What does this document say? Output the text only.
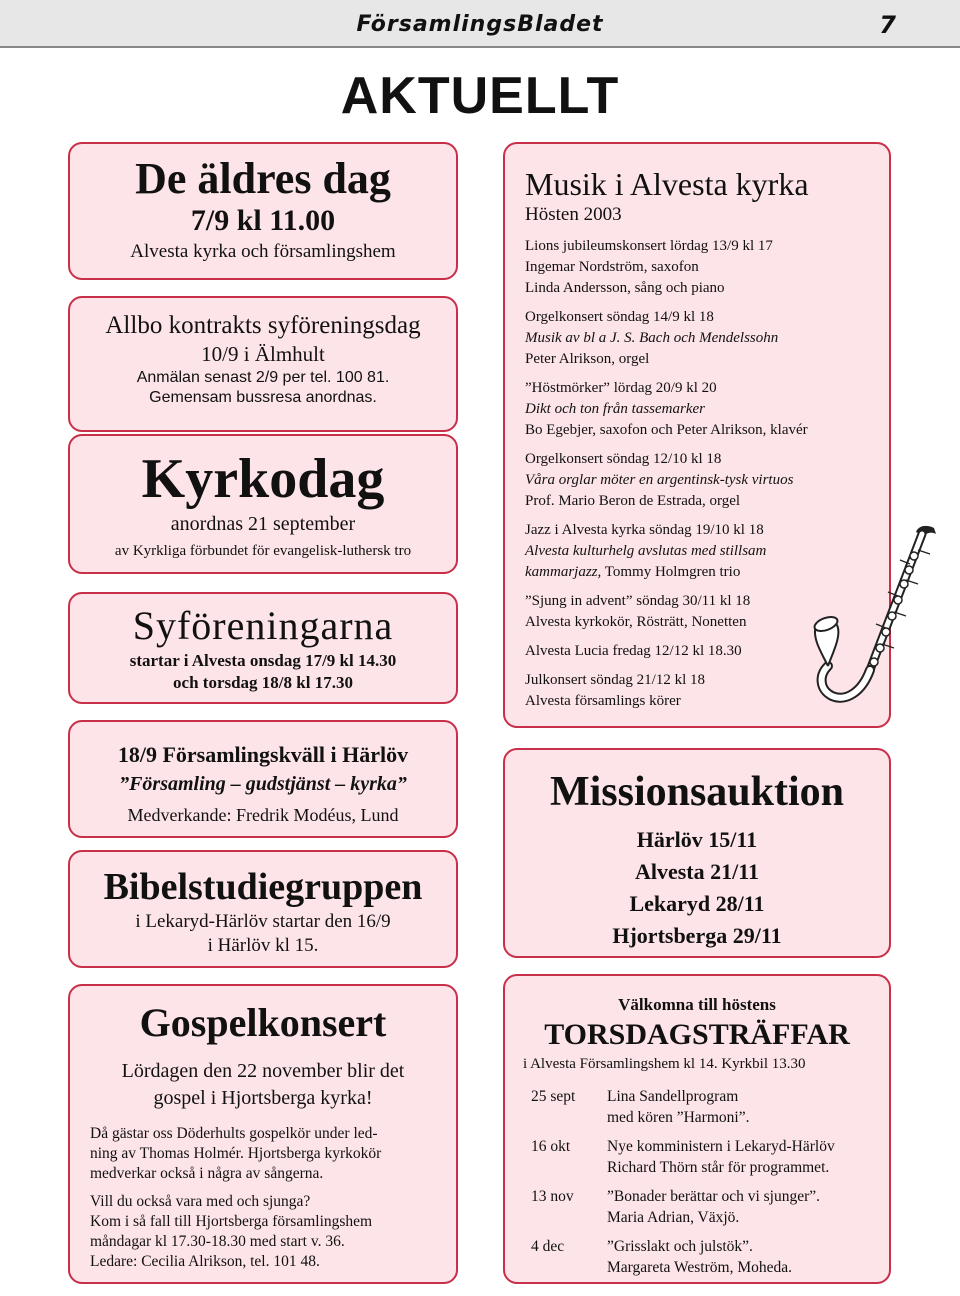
FörsamlingsBladet	7
AKTUELLT

De äldres dag

7/9 kl 11.00

Alvesta kyrka och församlingshem

Allbo kontrakts syföreningsdag

10/9 i Älmhult

Anmälan senast 2/9 per tel. 100 81.

Gemensam bussresa anordnas.

Kyrkodag

anordnas 21 september

av Kyrkliga förbundet för evangelisk-luthersk tro

Syföreningarna

startar i Alvesta onsdag 17/9 kl 14.30

och torsdag 18/8 kl 17.30

18/9 Församlingskväll i Härlöv

”Församling – gudstjänst – kyrka”

Medverkande: Fredrik Modéus, Lund

Bibelstudiegruppen

i Lekaryd-Härlöv startar den 16/9

i Härlöv kl 15.

Gospelkonsert

Lördagen den 22 november blir det

gospel i Hjortsberga kyrka!

Då gästar oss Döderhults gospelkör under led-

ning av Thomas Holmér. Hjortsberga kyrkokör

medverkar också i några av sångerna.

Vill du också vara med och sjunga?

Kom i så fall till Hjortsberga församlingshem

måndagar kl 17.30-18.30 med start v. 36.

Ledare: Cecilia Alrikson, tel. 101 48.

Musik i Alvesta kyrka

Hösten 2003

Lions jubileumskonsert lördag 13/9 kl 17

Ingemar Nordström, saxofon

Linda Andersson, sång och piano

Orgelkonsert söndag 14/9 kl 18

Musik av bl a J. S. Bach och Mendelssohn

Peter Alrikson, orgel

”Höstmörker” lördag 20/9 kl 20

Dikt och ton från tassemarker

Bo Egebjer, saxofon och Peter Alrikson, klavér

Orgelkonsert söndag 12/10 kl 18

Våra orglar möter en argentinsk-tysk virtuos

Prof. Mario Beron de Estrada, orgel

Jazz i Alvesta kyrka söndag 19/10 kl 18

Alvesta kulturhelg avslutas med stillsam

kammarjazz, Tommy Holmgren trio

”Sjung in advent” söndag 30/11 kl 18

Alvesta kyrkokör, Rösträtt, Nonetten

Alvesta Lucia fredag 12/12 kl 18.30

Julkonsert söndag 21/12 kl 18

Alvesta församlings körer

Missionsauktion

Härlöv 15/11

Alvesta 21/11

Lekaryd 28/11

Hjortsberga 29/11

Välkomna till höstens

TORSDAGSTRÄFFAR

i Alvesta Församlingshem kl 14. Kyrkbil 13.30

25 sept	Lina Sandellprogram

med kören ”Harmoni”.

16 okt	Nye komministern i Lekaryd-Härlöv

Richard Thörn står för programmet.

13 nov	”Bonader berättar och vi sjunger”.

Maria Adrian, Växjö.

4 dec	”Grisslakt och julstök”.

Margareta Weström, Moheda.
